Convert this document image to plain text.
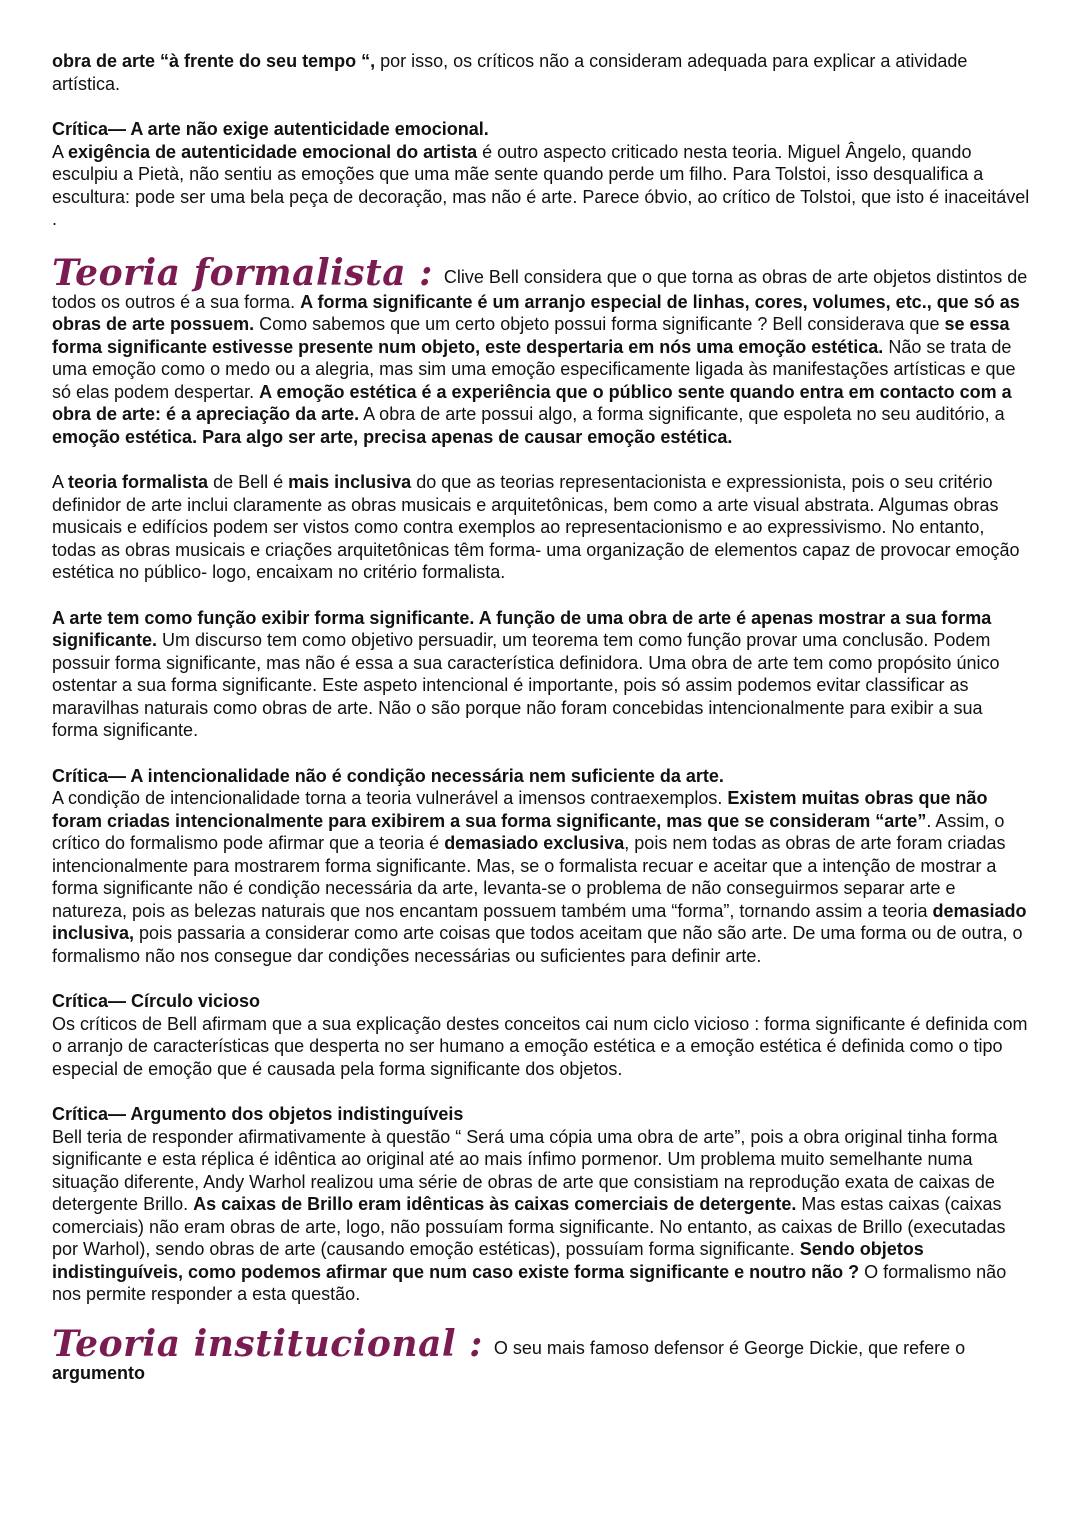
obra de arte “à frente do seu tempo “, por isso, os críticos não a consideram adequada para explicar a atividade artística.

Crítica— A arte não exige autenticidade emocional.

A exigência de autenticidade emocional do artista é outro aspecto criticado nesta teoria. Miguel Ângelo, quando esculpiu a Pietà, não sentiu as emoções que uma mãe sente quando perde um filho. Para Tolstoi, isso desqualifica a escultura: pode ser uma bela peça de decoração, mas não é arte. Parece óbvio, ao crítico de Tolstoi, que isto é inaceitável .

Teoria formalista : Clive Bell considera que o que torna as obras de arte objetos distintos de todos os outros é a sua forma. A forma significante é um arranjo especial de linhas, cores, volumes, etc., que só as obras de arte possuem. Como sabemos que um certo objeto possui forma significante ? Bell considerava que se essa forma significante estivesse presente num objeto, este despertaria em nós uma emoção estética. Não se trata de uma emoção como o medo ou a alegria, mas sim uma emoção especificamente ligada às manifestações artísticas e que só elas podem despertar. A emoção estética é a experiência que o público sente quando entra em contacto com a obra de arte: é a apreciação da arte. A obra de arte possui algo, a forma significante, que espoleta no seu auditório, a emoção estética. Para algo ser arte, precisa apenas de causar emoção estética.

A teoria formalista de Bell é mais inclusiva do que as teorias representacionista e expressionista, pois o seu critério definidor de arte inclui claramente as obras musicais e arquitetônicas, bem como a arte visual abstrata. Algumas obras musicais e edifícios podem ser vistos como contra exemplos ao representacionismo e ao expressivismo. No entanto, todas as obras musicais e criações arquitetônicas têm forma- uma organização de elementos capaz de provocar emoção estética no público- logo, encaixam no critério formalista.

A arte tem como função exibir forma significante. A função de uma obra de arte é apenas mostrar a sua forma significante. Um discurso tem como objetivo persuadir, um teorema tem como função provar uma conclusão. Podem possuir forma significante, mas não é essa a sua característica definidora. Uma obra de arte tem como propósito único ostentar a sua forma significante. Este aspeto intencional é importante, pois só assim podemos evitar classificar as maravilhas naturais como obras de arte. Não o são porque não foram concebidas intencionalmente para exibir a sua forma significante.

Crítica— A intencionalidade não é condição necessária nem suficiente da arte.

A condição de intencionalidade torna a teoria vulnerável a imensos contraexemplos. Existem muitas obras que não foram criadas intencionalmente para exibirem a sua forma significante, mas que se consideram “arte”. Assim, o crítico do formalismo pode afirmar que a teoria é demasiado exclusiva, pois nem todas as obras de arte foram criadas intencionalmente para mostrarem forma significante. Mas, se o formalista recuar e aceitar que a intenção de mostrar a forma significante não é condição necessária da arte, levanta-se o problema de não conseguirmos separar arte e natureza, pois as belezas naturais que nos encantam possuem também uma “forma”, tornando assim a teoria demasiado inclusiva, pois passaria a considerar como arte coisas que todos aceitam que não são arte. De uma forma ou de outra, o formalismo não nos consegue dar condições necessárias ou suficientes para definir arte.

Crítica— Círculo vicioso

Os críticos de Bell afirmam que a sua explicação destes conceitos cai num ciclo vicioso : forma significante é definida com o arranjo de características que desperta no ser humano a emoção estética e a emoção estética é definida como o tipo especial de emoção que é causada pela forma significante dos objetos.

Crítica— Argumento dos objetos indistinguíveis

Bell teria de responder afirmativamente à questão “ Será uma cópia uma obra de arte”, pois a obra original tinha forma significante e esta réplica é idêntica ao original até ao mais ínfimo pormenor. Um problema muito semelhante numa situação diferente, Andy Warhol realizou uma série de obras de arte que consistiam na reprodução exata de caixas de detergente Brillo. As caixas de Brillo eram idênticas às caixas comerciais de detergente. Mas estas caixas (caixas comerciais) não eram obras de arte, logo, não possuíam forma significante. No entanto, as caixas de Brillo (executadas por Warhol), sendo obras de arte (causando emoção estéticas), possuíam forma significante. Sendo objetos indistinguíveis, como podemos afirmar que num caso existe forma significante e noutro não ? O formalismo não nos permite responder a esta questão.

Teoria institucional : O seu mais famoso defensor é George Dickie, que refere o argumento
